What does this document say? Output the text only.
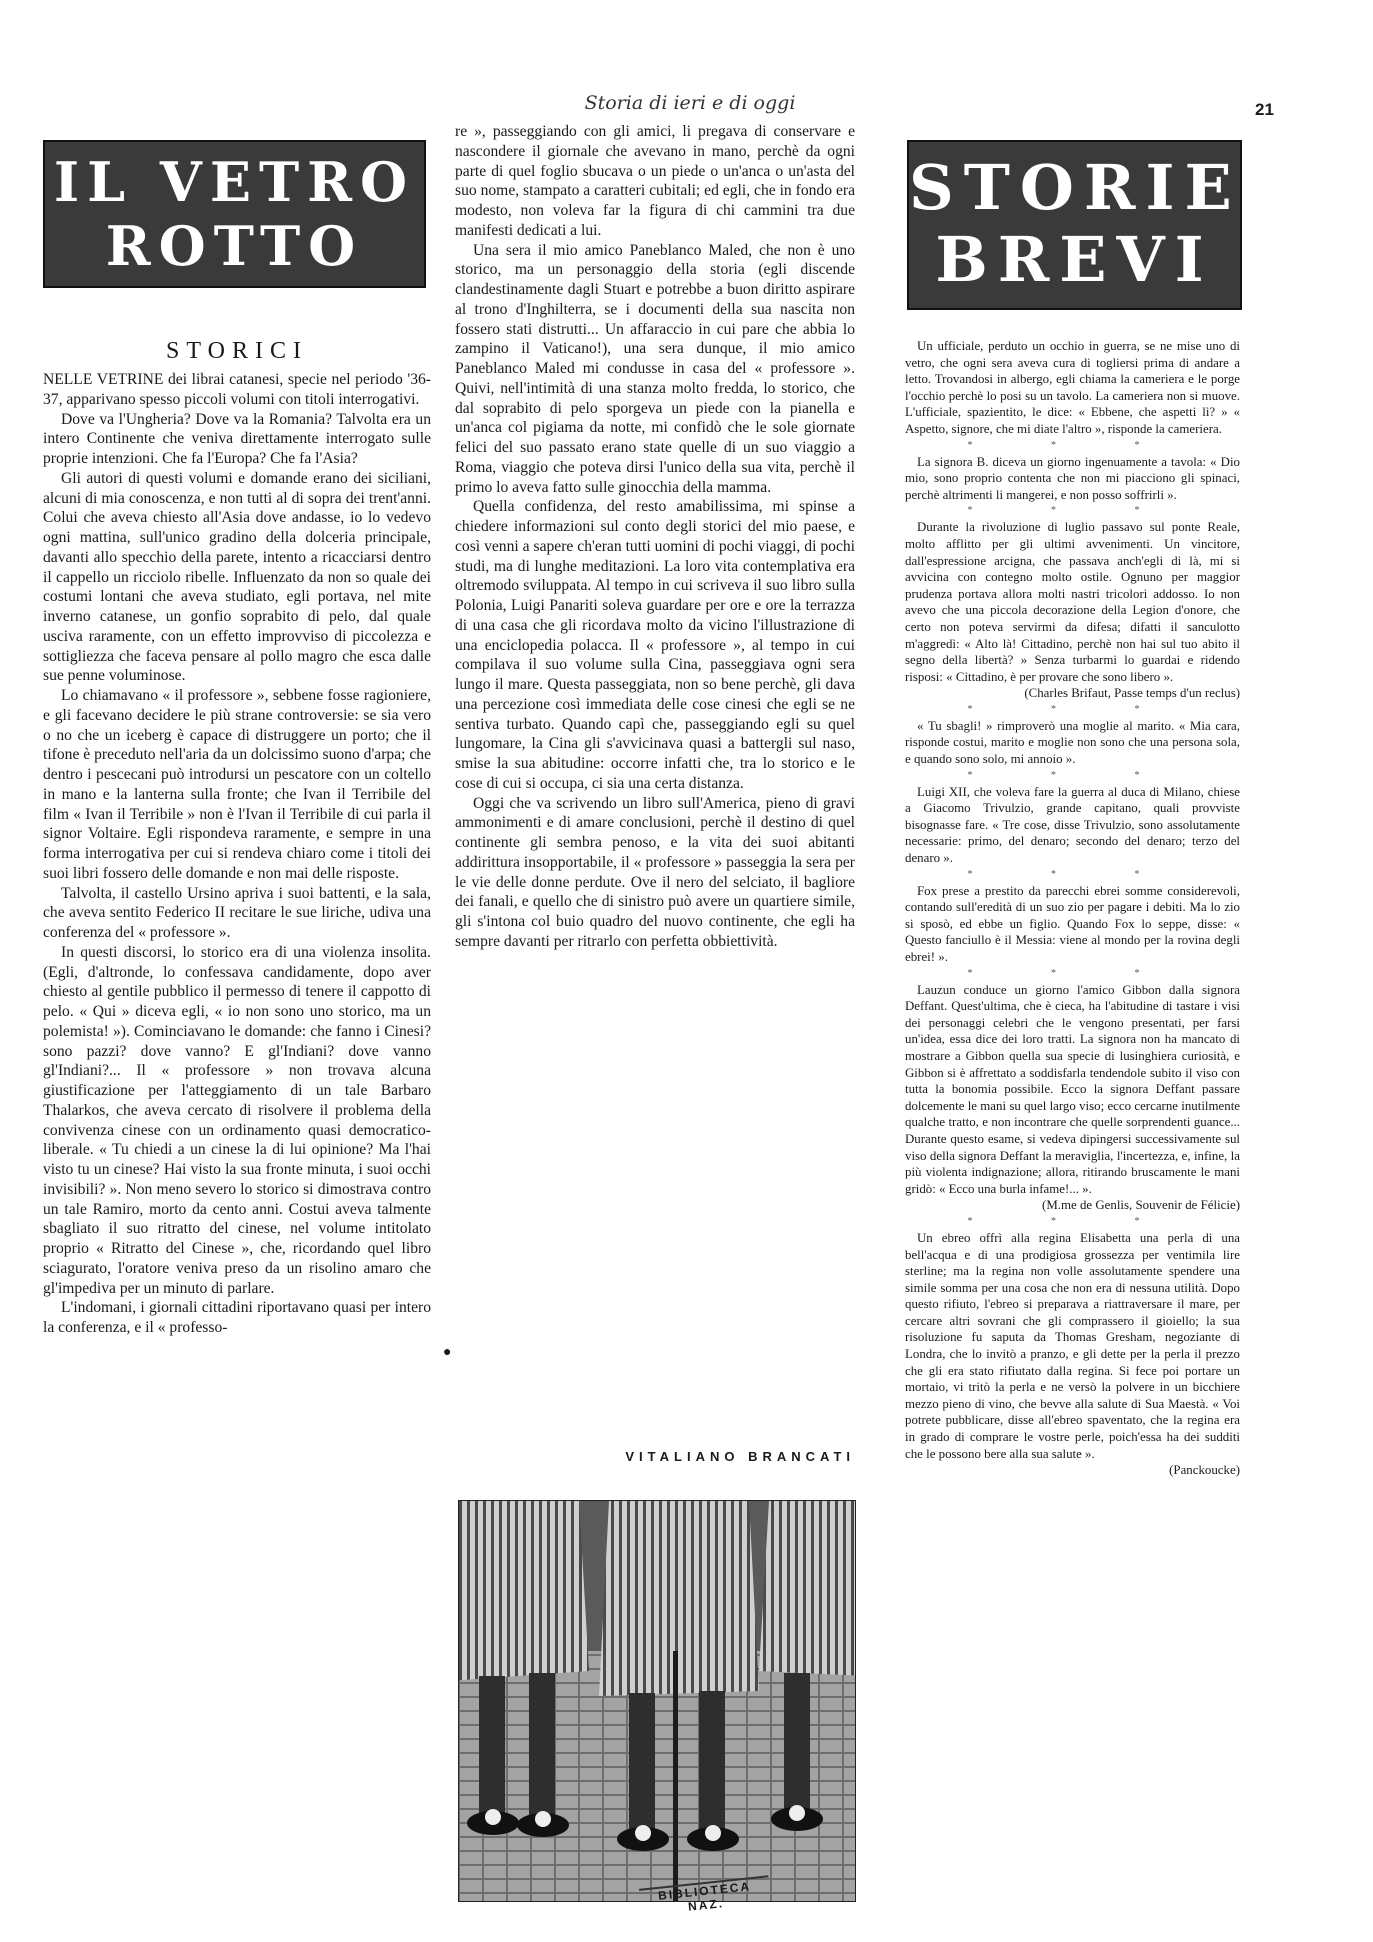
Storia di ieri e di oggi	21
IL VETRO
ROTTO
STORICI

NELLE VETRINE dei librai catanesi, specie nel periodo '36-37, apparivano spesso piccoli volumi con titoli interrogativi.

Dove va l'Ungheria? Dove va la Romania? Talvolta era un intero Continente che veniva direttamente interrogato sulle proprie intenzioni. Che fa l'Europa? Che fa l'Asia?

Gli autori di questi volumi e domande erano dei siciliani, alcuni di mia conoscenza, e non tutti al di sopra dei trent'anni. Colui che aveva chiesto all'Asia dove andasse, io lo vedevo ogni mattina, sull'unico gradino della dolceria principale, davanti allo specchio della parete, intento a ricacciarsi dentro il cappello un ricciolo ribelle. Influenzato da non so quale dei costumi lontani che aveva studiato, egli portava, nel mite inverno catanese, un gonfio soprabito di pelo, dal quale usciva raramente, con un effetto improvviso di piccolezza e sottigliezza che faceva pensare al pollo magro che esca dalle sue penne voluminose.

Lo chiamavano « il professore », sebbene fosse ragioniere, e gli facevano decidere le più strane controversie: se sia vero o no che un iceberg è capace di distruggere un porto; che il tifone è preceduto nell'aria da un dolcissimo suono d'arpa; che dentro i pescecani può introdursi un pescatore con un coltello in mano e la lanterna sulla fronte; che Ivan il Terribile del film « Ivan il Terribile » non è l'Ivan il Terribile di cui parla il signor Voltaire. Egli rispondeva raramente, e sempre in una forma interrogativa per cui si rendeva chiaro come i titoli dei suoi libri fossero delle domande e non mai delle risposte.

Talvolta, il castello Ursino apriva i suoi battenti, e la sala, che aveva sentito Federico II recitare le sue liriche, udiva una conferenza del « professore ».

In questi discorsi, lo storico era di una violenza insolita. (Egli, d'altronde, lo confessava candidamente, dopo aver chiesto al gentile pubblico il permesso di tenere il cappotto di pelo. « Qui » diceva egli, « io non sono uno storico, ma un polemista! »). Cominciavano le domande: che fanno i Cinesi? sono pazzi? dove vanno? E gl'Indiani? dove vanno gl'Indiani?... Il « professore » non trovava alcuna giustificazione per l'atteggiamento di un tale Barbaro Thalarkos, che aveva cercato di risolvere il problema della convivenza cinese con un ordinamento quasi democratico-liberale. « Tu chiedi a un cinese la di lui opinione? Ma l'hai visto tu un cinese? Hai visto la sua fronte minuta, i suoi occhi invisibili? ». Non meno severo lo storico si dimostrava contro un tale Ramiro, morto da cento anni. Costui aveva talmente sbagliato il suo ritratto del cinese, nel volume intitolato proprio « Ritratto del Cinese », che, ricordando quel libro sciagurato, l'oratore veniva preso da un risolino amaro che gl'impediva per un minuto di parlare.

L'indomani, i giornali cittadini riportavano quasi per intero la conferenza, e il « professo-

re », passeggiando con gli amici, li pregava di conservare e nascondere il giornale che avevano in mano, perchè da ogni parte di quel foglio sbucava o un piede o un'anca o un'asta del suo nome, stampato a caratteri cubitali; ed egli, che in fondo era modesto, non voleva far la figura di chi cammini tra due manifesti dedicati a lui.

Una sera il mio amico Paneblanco Maled, che non è uno storico, ma un personaggio della storia (egli discende clandestinamente dagli Stuart e potrebbe a buon diritto aspirare al trono d'Inghilterra, se i documenti della sua nascita non fossero stati distrutti... Un affaraccio in cui pare che abbia lo zampino il Vaticano!), una sera dunque, il mio amico Paneblanco Maled mi condusse in casa del « professore ». Quivi, nell'intimità di una stanza molto fredda, lo storico, che dal soprabito di pelo sporgeva un piede con la pianella e un'anca col pigiama da notte, mi confidò che le sole giornate felici del suo passato erano state quelle di un suo viaggio a Roma, viaggio che poteva dirsi l'unico della sua vita, perchè il primo lo aveva fatto sulle ginocchia della mamma.

Quella confidenza, del resto amabilissima, mi spinse a chiedere informazioni sul conto degli storici del mio paese, e così venni a sapere ch'eran tutti uomini di pochi viaggi, di pochi studi, ma di lunghe meditazioni. La loro vita contemplativa era oltremodo sviluppata. Al tempo in cui scriveva il suo libro sulla Polonia, Luigi Panariti soleva guardare per ore e ore la terrazza di una casa che gli ricordava molto da vicino l'illustrazione di una enciclopedia polacca. Il « professore », al tempo in cui compilava il suo volume sulla Cina, passeggiava ogni sera lungo il mare. Questa passeggiata, non so bene perchè, gli dava una percezione così immediata delle cose cinesi che egli se ne sentiva turbato. Quando capì che, passeggiando egli su quel lungomare, la Cina gli s'avvicinava quasi a battergli sul naso, smise la sua abitudine: occorre infatti che, tra lo storico e le cose di cui si occupa, ci sia una certa distanza.

Oggi che va scrivendo un libro sull'America, pieno di gravi ammonimenti e di amare conclusioni, perchè il destino di quel continente gli sembra penoso, e la vita dei suoi abitanti addirittura insopportabile, il « professore » passeggia la sera per le vie delle donne perdute. Ove il nero del selciato, il bagliore dei fanali, e quello che di sinistro può avere un quartiere simile, gli s'intona col buio quadro del nuovo continente, che egli ha sempre davanti per ritrarlo con perfetta obbiettività.

VITALIANO BRANCATI
●
BIBLIOTECA NAZ.
STORIE
BREVI

Un ufficiale, perduto un occhio in guerra, se ne mise uno di vetro, che ogni sera aveva cura di togliersi prima di andare a letto. Trovandosi in albergo, egli chiama la cameriera e le porge l'occhio perchè lo posi su un tavolo. La cameriera non si muove. L'ufficiale, spazientito, le dice: « Ebbene, che aspetti lì? » « Aspetto, signore, che mi diate l'altro », risponde la cameriera.

* * *

La signora B. diceva un giorno ingenuamente a tavola: « Dio mio, sono proprio contenta che non mi piacciono gli spinaci, perchè altrimenti li mangerei, e non posso soffrirli ».

* * *

Durante la rivoluzione di luglio passavo sul ponte Reale, molto afflitto per gli ultimi avvenimenti. Un vincitore, dall'espressione arcigna, che passava anch'egli di là, mi si avvicina con contegno molto ostile. Ognuno per maggior prudenza portava allora molti nastri tricolori addosso. Io non avevo che una piccola decorazione della Legion d'onore, che certo non poteva servirmi da difesa; difatti il sanculotto m'aggredì: « Alto là! Cittadino, perchè non hai sul tuo abito il segno della libertà? » Senza turbarmi lo guardai e ridendo risposi: « Cittadino, è per provare che sono libero ».

(Charles Brifaut, Passe temps d'un reclus)

* * *

« Tu sbagli! » rimproverò una moglie al marito. « Mia cara, risponde costui, marito e moglie non sono che una persona sola, e quando sono solo, mi annoio ».

* * *

Luigi XII, che voleva fare la guerra al duca di Milano, chiese a Giacomo Trivulzio, grande capitano, quali provviste bisognasse fare. « Tre cose, disse Trivulzio, sono assolutamente necessarie: primo, del denaro; secondo del denaro; terzo del denaro ».

* * *

Fox prese a prestito da parecchi ebrei somme considerevoli, contando sull'eredità di un suo zio per pagare i debiti. Ma lo zio si sposò, ed ebbe un figlio. Quando Fox lo seppe, disse: « Questo fanciullo è il Messia: viene al mondo per la rovina degli ebrei! ».

* * *

Lauzun conduce un giorno l'amico Gibbon dalla signora Deffant. Quest'ultima, che è cieca, ha l'abitudine di tastare i visi dei personaggi celebri che le vengono presentati, per farsi un'idea, essa dice dei loro tratti. La signora non ha mancato di mostrare a Gibbon quella sua specie di lusinghiera curiosità, e Gibbon si è affrettato a soddisfarla tendendole subito il viso con tutta la bonomia possibile. Ecco la signora Deffant passare dolcemente le mani su quel largo viso; ecco cercarne inutilmente qualche tratto, e non incontrare che quelle sorprendenti guance... Durante questo esame, si vedeva dipingersi successivamente sul viso della signora Deffant la meraviglia, l'incertezza, e, infine, la più violenta indignazione; allora, ritirando bruscamente le mani gridò: « Ecco una burla infame!... ».

(M.me de Genlis, Souvenir de Félicie)

* * *

Un ebreo offrì alla regina Elisabetta una perla di una bell'acqua e di una prodigiosa grossezza per ventimila lire sterline; ma la regina non volle assolutamente spendere una simile somma per una cosa che non era di nessuna utilità. Dopo questo rifiuto, l'ebreo si preparava a riattraversare il mare, per cercare altri sovrani che gli comprassero il gioiello; la sua risoluzione fu saputa da Thomas Gresham, negoziante di Londra, che lo invitò a pranzo, e gli dette per la perla il prezzo che gli era stato rifiutato dalla regina. Si fece poi portare un mortaio, vi tritò la perla e ne versò la polvere in un bicchiere mezzo pieno di vino, che bevve alla salute di Sua Maestà. « Voi potrete pubblicare, disse all'ebreo spaventato, che la regina era in grado di comprare le vostre perle, poich'essa ha dei sudditi che le possono bere alla sua salute ».

(Panckoucke)
